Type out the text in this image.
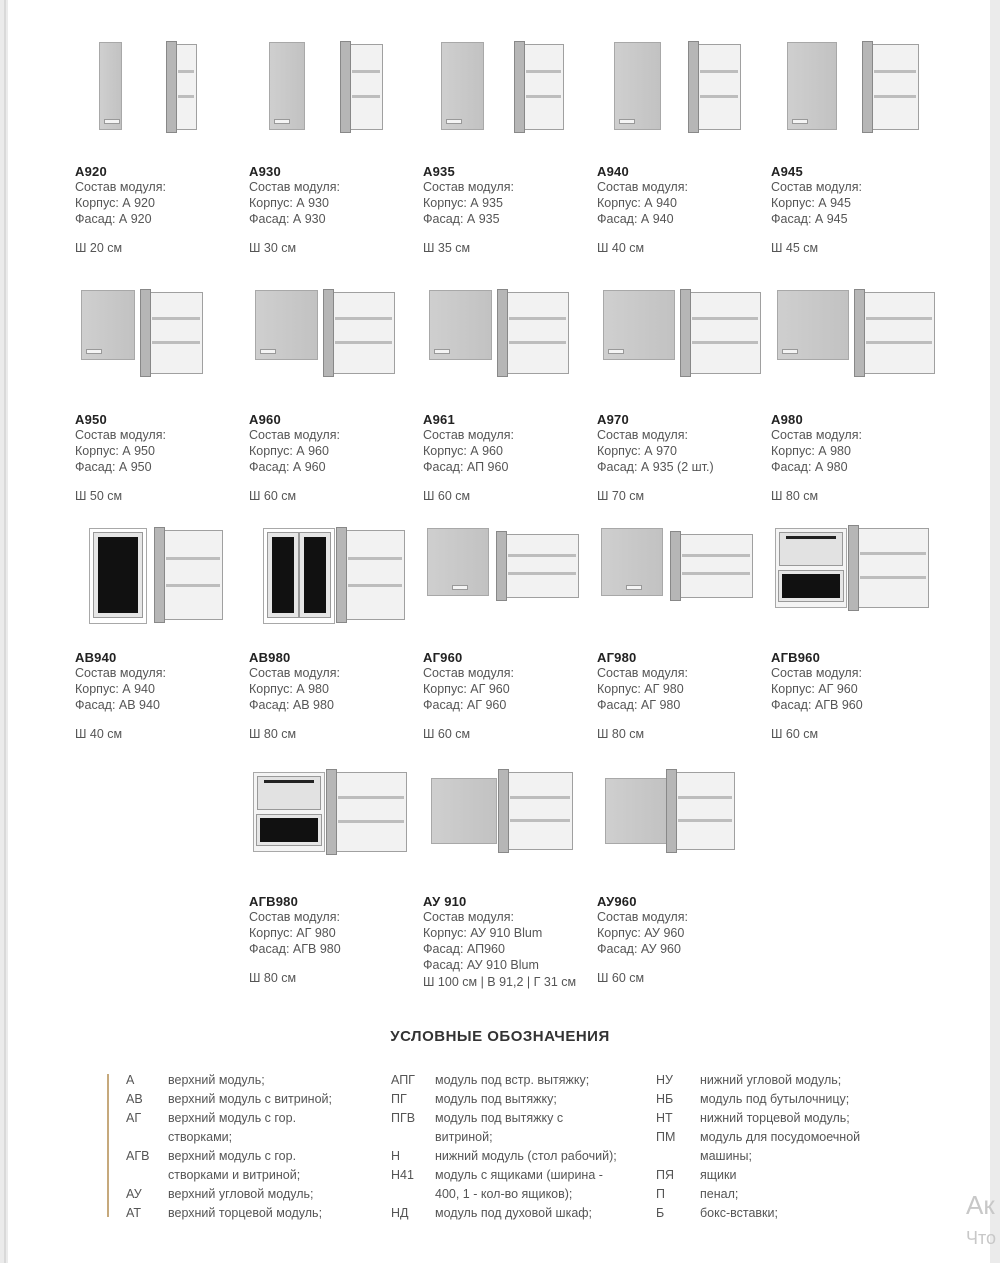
A920
Состав модуля:
Корпус: А 920
Фасад: А 920
Ш 20 см
A930
Состав модуля:
Корпус: А 930
Фасад: А 930
Ш 30 см
A935
Состав модуля:
Корпус: А 935
Фасад: А 935
Ш 35 см
A940
Состав модуля:
Корпус: А 940
Фасад: А 940
Ш 40 см
A945
Состав модуля:
Корпус: А 945
Фасад: А 945
Ш 45 см
A950
Состав модуля:
Корпус: А 950
Фасад: А 950
Ш 50 см
A960
Состав модуля:
Корпус: А 960
Фасад: А 960
Ш 60 см
A961
Состав модуля:
Корпус: А 960
Фасад: АП 960
Ш 60 см
A970
Состав модуля:
Корпус: А 970
Фасад: А 935 (2 шт.)
Ш 70 см
A980
Состав модуля:
Корпус: А 980
Фасад: А 980
Ш 80 см
AB940
Состав модуля:
Корпус: А 940
Фасад: АВ 940
Ш 40 см
AB980
Состав модуля:
Корпус: А 980
Фасад: АВ 980
Ш 80 см
АГ960
Состав модуля:
Корпус: АГ 960
Фасад: АГ 960
Ш 60 см
АГ980
Состав модуля:
Корпус: АГ 980
Фасад: АГ 980
Ш 80 см
АГВ960
Состав модуля:
Корпус: АГ 960
Фасад: АГВ 960
Ш 60 см
АГВ980
Состав модуля:
Корпус: АГ 980
Фасад: АГВ 980
Ш 80 см
АУ 910
Состав модуля:
Корпус: АУ 910 Blum
Фасад: АП960
Фасад: АУ 910 Blum
Ш 100 см | В 91,2 | Г 31 см
АУ960
Состав модуля:
Корпус: АУ 960
Фасад: АУ 960
Ш 60 см
УСЛОВНЫЕ ОБОЗНАЧЕНИЯ
А	верхний модуль;
АВ верхний модуль с витриной;
АГ верхний модуль с гор.
створками;
АГВ верхний модуль с гор.
створками и витриной;
АУ верхний угловой модуль;
АТ верхний торцевой модуль;
АПГ модуль под встр. вытяжку;
ПГ модуль под вытяжку;
ПГВ модуль под вытяжку с
витриной;
Н	нижний модуль (стол рабочий);
Н41 модуль с ящиками (ширина -
400, 1 - кол-во ящиков);
НД модуль под духовой шкаф;
НУ нижний угловой модуль;
НБ модуль под бутылочницу;
НТ нижний торцевой модуль;
ПМ модуль для посудомоечной
машины;
ПЯ ящики
П	пенал;
Б	бокс-вставки;	Ак
Что
